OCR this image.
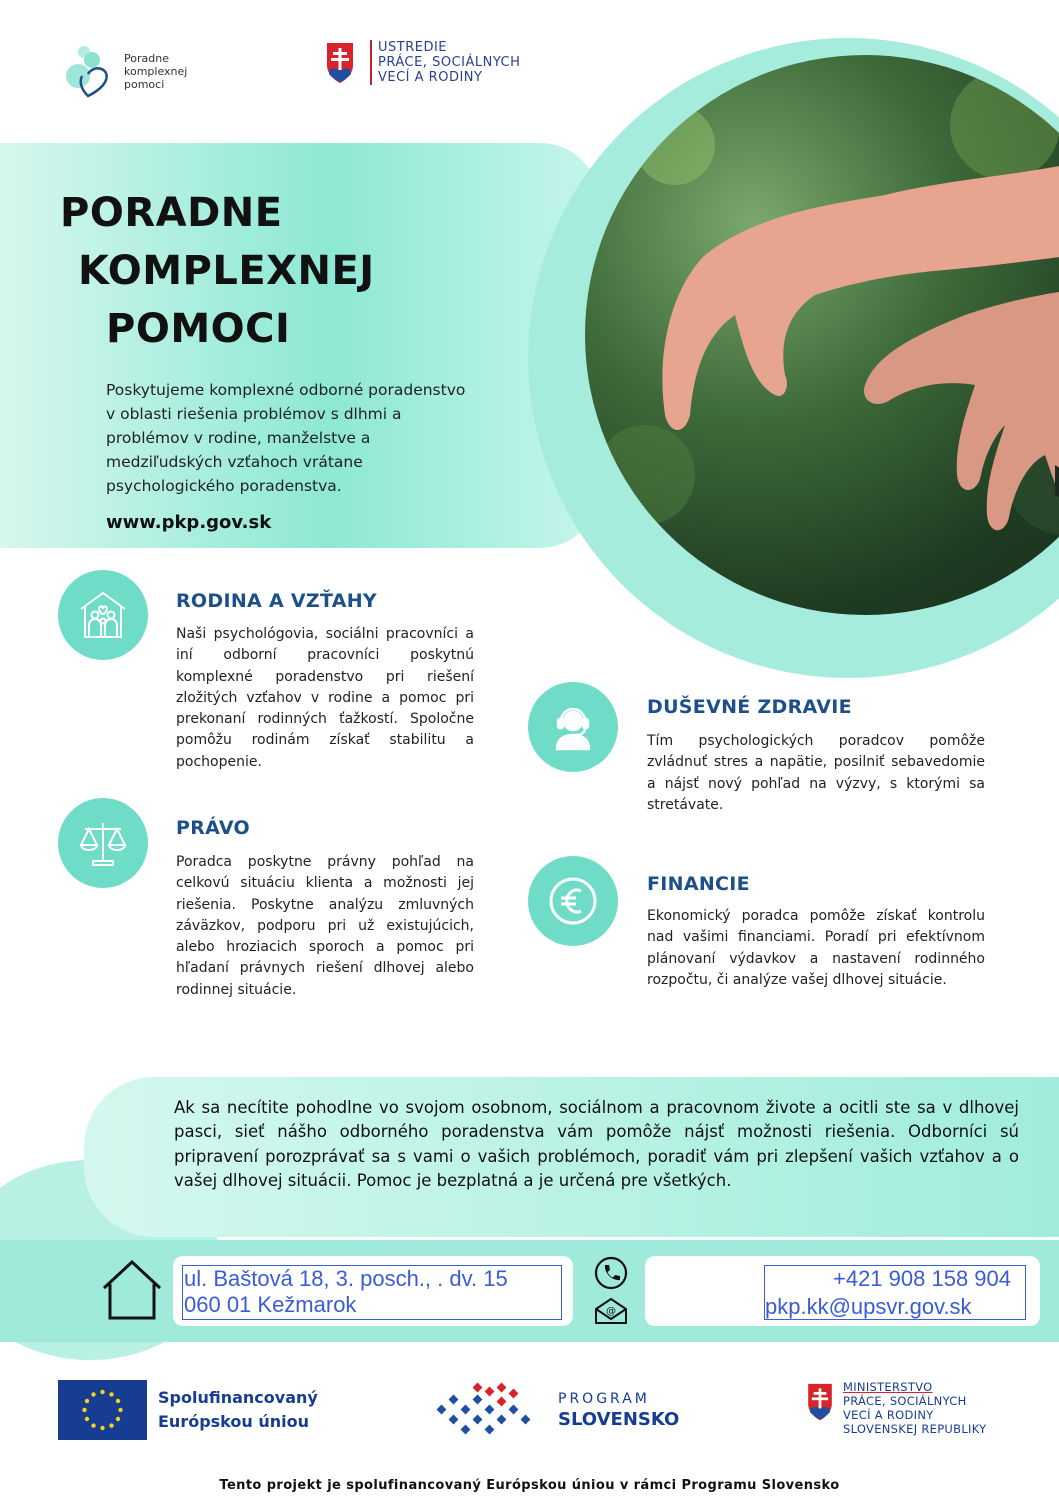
Poradne
komplexnej
pomoci
USTREDIE
PRÁCE, SOCIÁLNYCH
VECÍ A RODINY
PORADNE
KOMPLEXNEJ
POMOCI
Poskytujeme komplexné odborné poradenstvo v oblasti riešenia problémov s dlhmi a problémov v rodine, manželstve a medziľudských vzťahoch vrátane psychologického poradenstva.
www.pkp.gov.sk
RODINA A VZŤAHY
Naši psychológovia, sociálni pracovníci a iní odborní pracovníci poskytnú komplexné poradenstvo pri riešení zložitých vzťahov v rodine a pomoc pri prekonaní rodinných ťažkostí. Spoločne pomôžu rodinám získať stabilitu a pochopenie.
DUŠEVNÉ ZDRAVIE
Tím psychologických poradcov pomôže zvládnuť stres a napätie, posilniť sebavedomie a nájsť nový pohľad na výzvy, s ktorými sa stretávate.
PRÁVO
Poradca poskytne právny pohľad na celkovú situáciu klienta a možnosti jej riešenia. Poskytne analýzu zmluvných záväzkov, podporu pri už existujúcich, alebo hroziacich sporoch a pomoc pri hľadaní právnych riešení dlhovej alebo rodinnej situácie.
FINANCIE
Ekonomický poradca pomôže získať kontrolu nad vašimi financiami. Poradí pri efektívnom plánovaní výdavkov a nastavení rodinného rozpočtu, či analýze vašej dlhovej situácie.
Ak sa necítite pohodlne vo svojom osobnom, sociálnom a pracovnom živote a ocitli ste sa v dlhovej pasci, sieť nášho odborného poradenstva vám pomôže nájsť možnosti riešenia. Odborníci sú pripravení porozprávať sa s vami o vašich problémoch, poradiť vám pri zlepšení vašich vzťahov a o vašej dlhovej situácii. Pomoc je bezplatná a je určená pre všetkých.
ul. Baštová 18, 3. posch., . dv. 15
060 01 Kežmarok	@
+421 908 158 904
pkp.kk@upsvr.gov.sk
Spolufinancovaný
Európskou úniou
PROGRAM
SLOVENSKO
MINISTERSTVO
PRÁCE, SOCIÁLNYCH
VECÍ A RODINY
SLOVENSKEJ REPUBLIKY
Tento projekt je spolufinancovaný Európskou úniou v rámci Programu Slovensko
